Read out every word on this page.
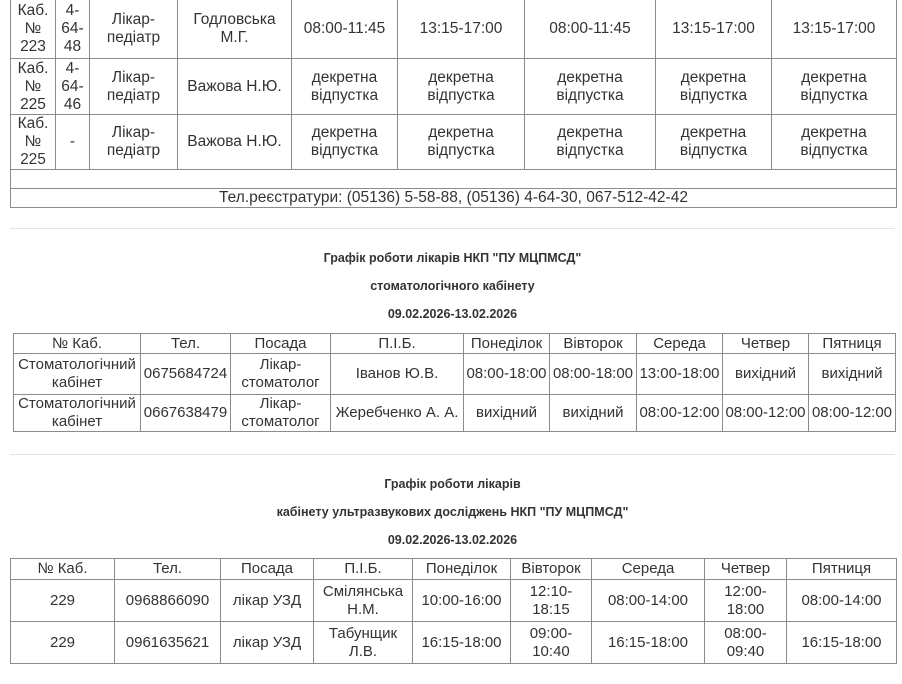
Каб. № 223	4-64-48	Лікар-педіатр	Годловська М.Г.	08:00-11:45	13:15-17:00	08:00-11:45	13:15-17:00	13:15-17:00
Каб. № 225	4-64-46	Лікар-педіатр	Важова Н.Ю.	декретна відпустка	декретна відпустка	декретна відпустка	декретна відпустка	декретна відпустка
Каб. № 225	-	Лікар-педіатр	Важова Н.Ю.	декретна відпустка	декретна відпустка	декретна відпустка	декретна відпустка	декретна відпустка

Тел.реєстратури: (05136) 5-58-88, (05136) 4-64-30, 067-512-42-42								
Графік роботи лікарів НКП "ПУ МЦПМСД"
стоматологічного кабінету
09.02.2026-13.02.2026
№ Каб.	Тел.	Посада	П.І.Б.	Понеділок	Вівторок	Середа	Четвер	Пятниця
Стоматологічний кабінет	0675684724	Лікар-стоматолог	Іванов Ю.В.	08:00-18:00	08:00-18:00	13:00-18:00	вихідний	вихідний
Стоматологічний кабінет	0667638479	Лікар-стоматолог	Жеребченко А. А.	вихідний	вихідний	08:00-12:00	08:00-12:00	08:00-12:00
Графік роботи лікарів
кабінету ультразвукових досліджень НКП "ПУ МЦПМСД"
09.02.2026-13.02.2026
№ Каб.	Тел.	Посада	П.І.Б.	Понеділок	Вівторок	Середа	Четвер	Пятниця
229	0968866090	лікар УЗД	Смілянська Н.М.	10:00-16:00	12:10-18:15	08:00-14:00	12:00-18:00	08:00-14:00
229	0961635621	лікар УЗД	Табунщик Л.В.	16:15-18:00	09:00-10:40	16:15-18:00	08:00-09:40	16:15-18:00
